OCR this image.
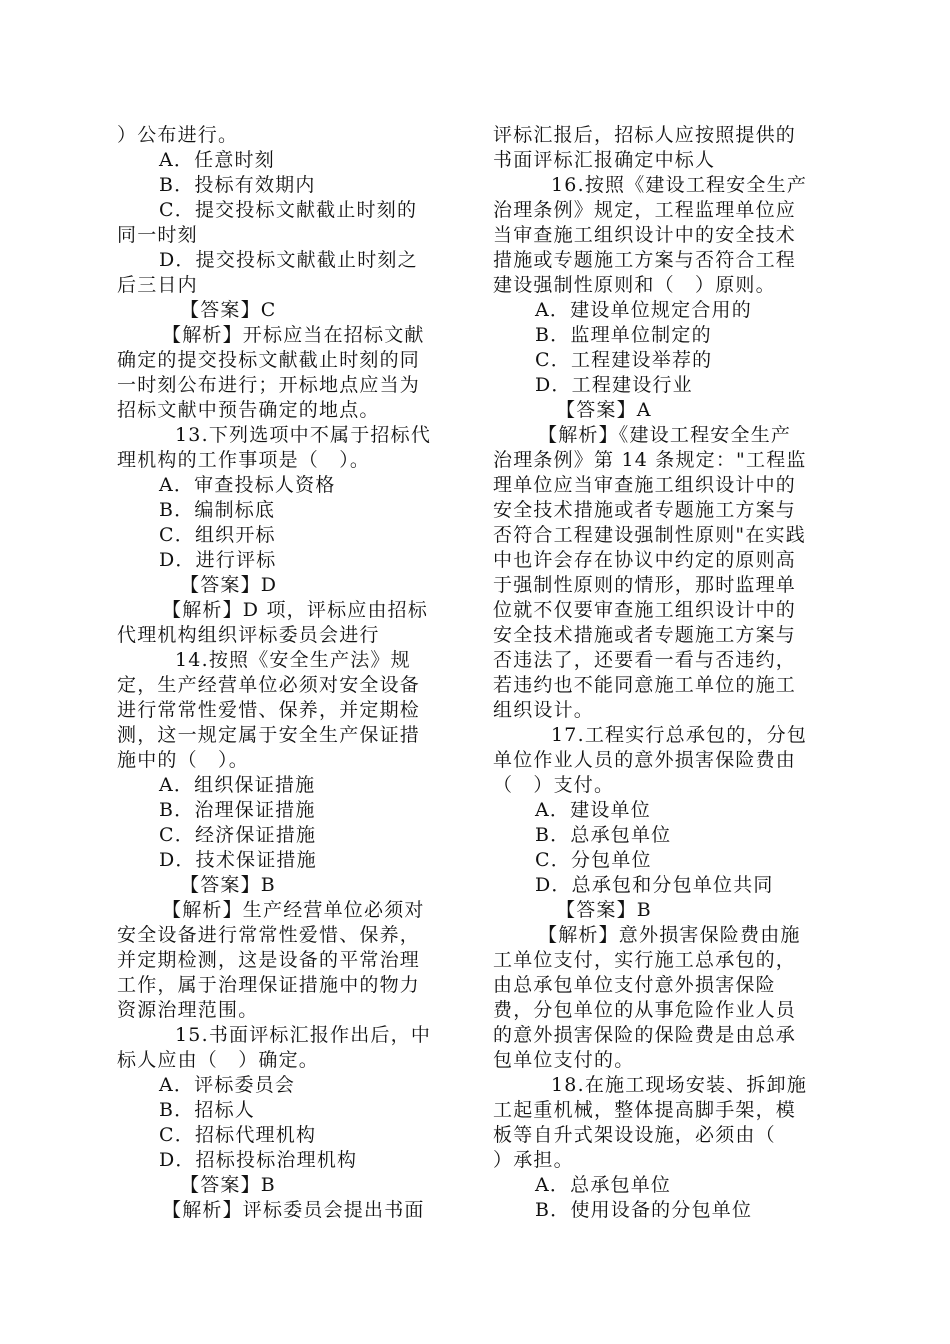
）公布进行。
A．任意时刻
B．投标有效期内
C．提交投标文献截止时刻的
同一时刻
D．提交投标文献截止时刻之
后三日内
【答案】C
【解析】开标应当在招标文献
确定的提交投标文献截止时刻的同
一时刻公布进行；开标地点应当为
招标文献中预告确定的地点。
13.下列选项中不属于招标代
理机构的工作事项是（　）。
A．审查投标人资格
B．编制标底
C．组织开标
D．进行评标
【答案】D
【解析】D 项，评标应由招标
代理机构组织评标委员会进行
14.按照《安全生产法》规
定，生产经营单位必须对安全设备
进行常常性爱惜、保养，并定期检
测，这一规定属于安全生产保证措
施中的（　）。
A．组织保证措施
B．治理保证措施
C．经济保证措施
D．技术保证措施
【答案】B
【解析】生产经营单位必须对
安全设备进行常常性爱惜、保养，
并定期检测，这是设备的平常治理
工作，属于治理保证措施中的物力
资源治理范围。
15.书面评标汇报作出后，中
标人应由（　）确定。
A．评标委员会
B．招标人
C．招标代理机构
D．招标投标治理机构
【答案】B
【解析】评标委员会提出书面
评标汇报后，招标人应按照提供的
书面评标汇报确定中标人
16.按照《建设工程安全生产
治理条例》规定，工程监理单位应
当审查施工组织设计中的安全技术
措施或专题施工方案与否符合工程
建设强制性原则和（　）原则。
A．建设单位规定合用的
B．监理单位制定的
C．工程建设举荐的
D．工程建设行业
【答案】A
【解析】《建设工程安全生产
治理条例》第 14 条规定："工程监
理单位应当审查施工组织设计中的
安全技术措施或者专题施工方案与
否符合工程建设强制性原则"在实践
中也许会存在协议中约定的原则高
于强制性原则的情形，那时监理单
位就不仅要审查施工组织设计中的
安全技术措施或者专题施工方案与
否违法了，还要看一看与否违约，
若违约也不能同意施工单位的施工
组织设计。
17.工程实行总承包的，分包
单位作业人员的意外损害保险费由
（　）支付。
A．建设单位
B．总承包单位
C．分包单位
D．总承包和分包单位共同
【答案】B
【解析】意外损害保险费由施
工单位支付，实行施工总承包的，
由总承包单位支付意外损害保险
费，分包单位的从事危险作业人员
的意外损害保险的保险费是由总承
包单位支付的。
18.在施工现场安装、拆卸施
工起重机械，整体提高脚手架，模
板等自升式架设设施，必须由（
）承担。
A．总承包单位
B．使用设备的分包单位
